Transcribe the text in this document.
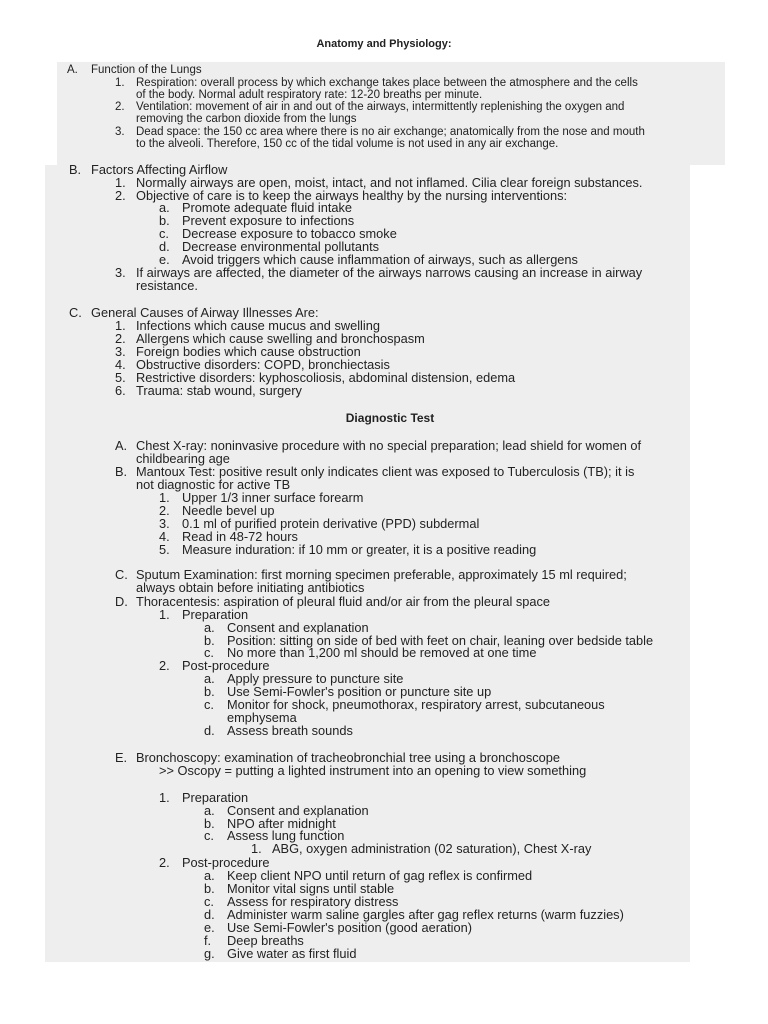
Anatomy and Physiology:
Diagnostic Test
A. Function of the Lungs
1. Respiration: overall process by which exchange takes place between the atmosphere and the cells
of the body. Normal adult respiratory rate: 12-20 breaths per minute.
2. Ventilation: movement of air in and out of the airways, intermittently replenishing the oxygen and
removing the carbon dioxide from the lungs
3. Dead space: the 150 cc area where there is no air exchange; anatomically from the nose and mouth
to the alveoli. Therefore, 150 cc of the tidal volume is not used in any air exchange.
B. Factors Affecting Airflow
1. Normally airways are open, moist, intact, and not inflamed. Cilia clear foreign substances.
2. Objective of care is to keep the airways healthy by the nursing interventions:
a. Promote adequate fluid intake
b. Prevent exposure to infections
c. Decrease exposure to tobacco smoke
d. Decrease environmental pollutants
e. Avoid triggers which cause inflammation of airways, such as allergens
3. If airways are affected, the diameter of the airways narrows causing an increase in airway
resistance.
C. General Causes of Airway Illnesses Are:
1. Infections which cause mucus and swelling
2. Allergens which cause swelling and bronchospasm
3. Foreign bodies which cause obstruction
4. Obstructive disorders: COPD, bronchiectasis
5. Restrictive disorders: kyphoscoliosis, abdominal distension, edema
6. Trauma: stab wound, surgery
A. Chest X-ray: noninvasive procedure with no special preparation; lead shield for women of
childbearing age
B. Mantoux Test: positive result only indicates client was exposed to Tuberculosis (TB); it is
not diagnostic for active TB
1. Upper 1/3 inner surface forearm
2. Needle bevel up
3. 0.1 ml of purified protein derivative (PPD) subdermal
4. Read in 48-72 hours
5. Measure induration: if 10 mm or greater, it is a positive reading
C. Sputum Examination: first morning specimen preferable, approximately 15 ml required;
always obtain before initiating antibiotics
D. Thoracentesis: aspiration of pleural fluid and/or air from the pleural space
1. Preparation
a. Consent and explanation
b. Position: sitting on side of bed with feet on chair, leaning over bedside table
c. No more than 1,200 ml should be removed at one time
2. Post-procedure
a. Apply pressure to puncture site
b. Use Semi-Fowler's position or puncture site up
c. Monitor for shock, pneumothorax, respiratory arrest, subcutaneous
emphysema
d. Assess breath sounds
E. Bronchoscopy: examination of tracheobronchial tree using a bronchoscope
>> Oscopy = putting a lighted instrument into an opening to view something
1. Preparation
a. Consent and explanation
b. NPO after midnight
c. Assess lung function
1. ABG, oxygen administration (02 saturation), Chest X-ray
2. Post-procedure
a. Keep client NPO until return of gag reflex is confirmed
b. Monitor vital signs until stable
c. Assess for respiratory distress
d. Administer warm saline gargles after gag reflex returns (warm fuzzies)
e. Use Semi-Fowler's position (good aeration)
f. Deep breaths
g. Give water as first fluid
